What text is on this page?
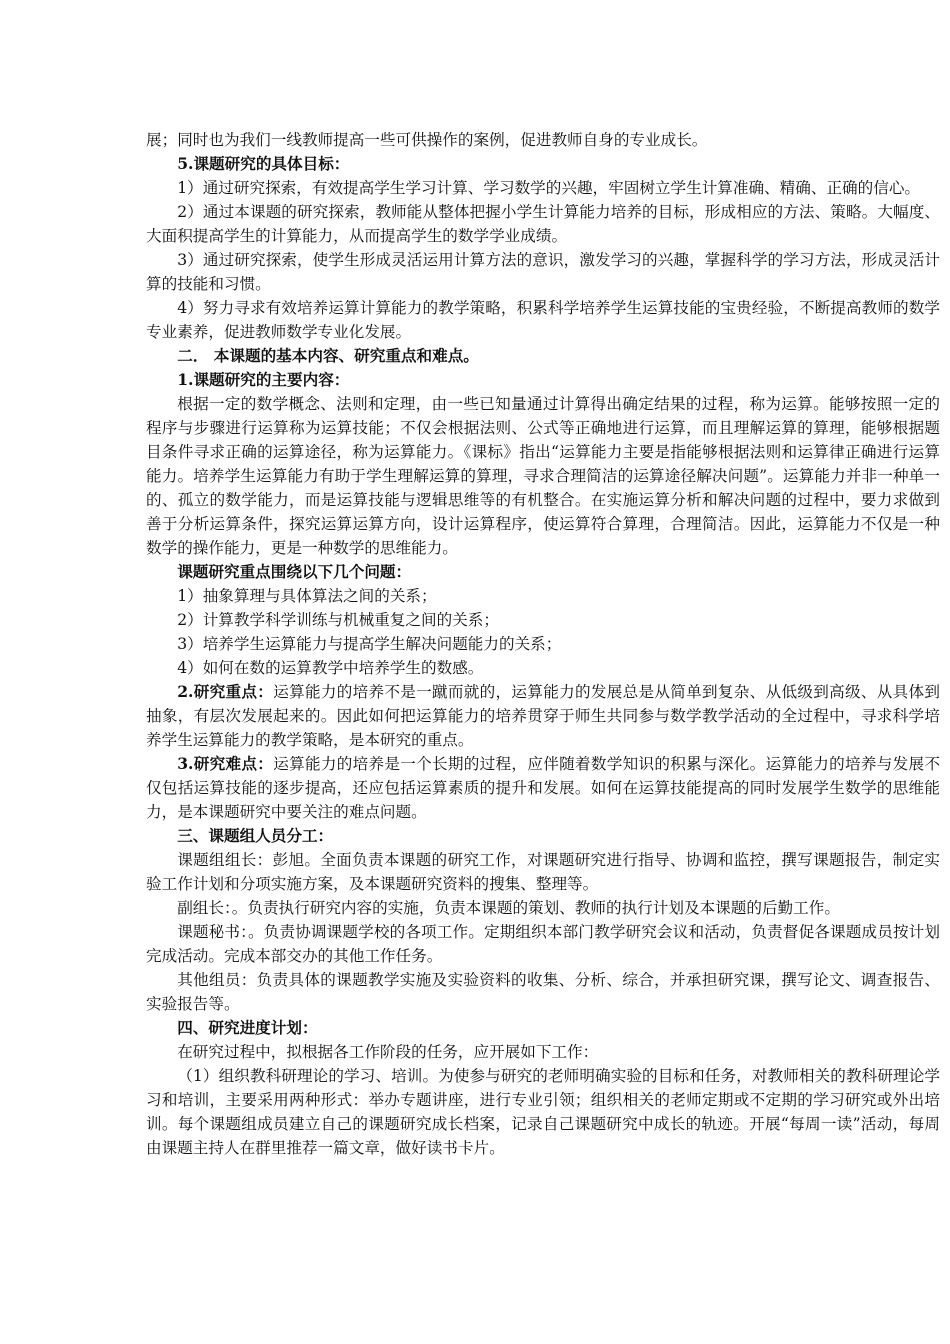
展；同时也为我们一线教师提高一些可供操作的案例，促进教师自身的专业成长。

5.课题研究的具体目标：

1）通过研究探索，有效提高学生学习计算、学习数学的兴趣，牢固树立学生计算准确、精确、正确的信心。

2）通过本课题的研究探索，教师能从整体把握小学生计算能力培养的目标，形成相应的方法、策略。大幅度、大面积提高学生的计算能力，从而提高学生的数学学业成绩。

3）通过研究探索，使学生形成灵活运用计算方法的意识，激发学习的兴趣，掌握科学的学习方法，形成灵活计算的技能和习惯。

4）努力寻求有效培养运算计算能力的教学策略，积累科学培养学生运算技能的宝贵经验，不断提高教师的数学专业素养，促进教师数学专业化发展。

二． 本课题的基本内容、研究重点和难点。

1.课题研究的主要内容：

根据一定的数学概念、法则和定理，由一些已知量通过计算得出确定结果的过程，称为运算。能够按照一定的程序与步骤进行运算称为运算技能；不仅会根据法则、公式等正确地进行运算，而且理解运算的算理，能够根据题目条件寻求正确的运算途径，称为运算能力。《课标》指出“运算能力主要是指能够根据法则和运算律正确进行运算能力。培养学生运算能力有助于学生理解运算的算理，寻求合理简洁的运算途径解决问题”。运算能力并非一种单一的、孤立的数学能力，而是运算技能与逻辑思维等的有机整合。在实施运算分析和解决问题的过程中，要力求做到善于分析运算条件，探究运算运算方向，设计运算程序，使运算符合算理，合理简洁。因此，运算能力不仅是一种数学的操作能力，更是一种数学的思维能力。

课题研究重点围绕以下几个问题：

1）抽象算理与具体算法之间的关系；

2）计算教学科学训练与机械重复之间的关系；

3）培养学生运算能力与提高学生解决问题能力的关系；

4）如何在数的运算教学中培养学生的数感。

2.研究重点：运算能力的培养不是一蹴而就的，运算能力的发展总是从简单到复杂、从低级到高级、从具体到抽象，有层次发展起来的。因此如何把运算能力的培养贯穿于师生共同参与数学教学活动的全过程中，寻求科学培养学生运算能力的教学策略，是本研究的重点。

3.研究难点：运算能力的培养是一个长期的过程，应伴随着数学知识的积累与深化。运算能力的培养与发展不仅包括运算技能的逐步提高，还应包括运算素质的提升和发展。如何在运算技能提高的同时发展学生数学的思维能力，是本课题研究中要关注的难点问题。

三、课题组人员分工：

课题组组长：彭旭。全面负责本课题的研究工作，对课题研究进行指导、协调和监控，撰写课题报告，制定实验工作计划和分项实施方案，及本课题研究资料的搜集、整理等。

副组长：。负责执行研究内容的实施，负责本课题的策划、教师的执行计划及本课题的后勤工作。

课题秘书：。负责协调课题学校的各项工作。定期组织本部门教学研究会议和活动，负责督促各课题成员按计划完成活动。完成本部交办的其他工作任务。

其他组员：负责具体的课题教学实施及实验资料的收集、分析、综合，并承担研究课，撰写论文、调查报告、实验报告等。

四、研究进度计划：

在研究过程中，拟根据各工作阶段的任务，应开展如下工作：

（1）组织教科研理论的学习、培训。为使参与研究的老师明确实验的目标和任务，对教师相关的教科研理论学习和培训，主要采用两种形式：举办专题讲座，进行专业引领；组织相关的老师定期或不定期的学习研究或外出培训。每个课题组成员建立自己的课题研究成长档案，记录自己课题研究中成长的轨迹。开展“每周一读”活动，每周由课题主持人在群里推荐一篇文章，做好读书卡片。
